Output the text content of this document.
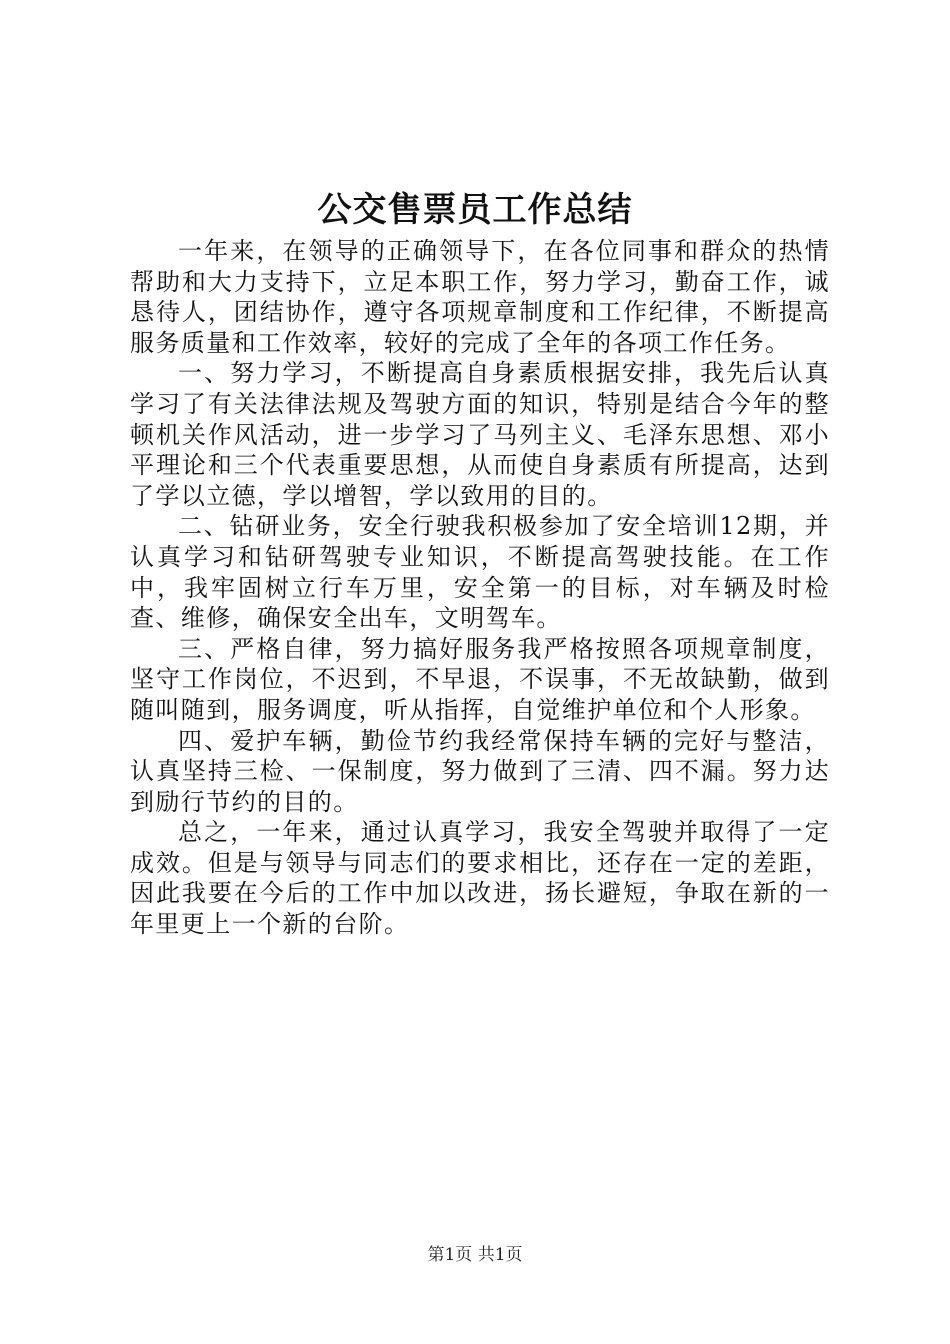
公交售票员工作总结

一年来，在领导的正确领导下，在各位同事和群众的热情帮助和大力支持下，立足本职工作，努力学习，勤奋工作，诚恳待人，团结协作，遵守各项规章制度和工作纪律，不断提高服务质量和工作效率，较好的完成了全年的各项工作任务。

一、努力学习，不断提高自身素质根据安排，我先后认真学习了有关法律法规及驾驶方面的知识，特别是结合今年的整顿机关作风活动，进一步学习了马列主义、毛泽东思想、邓小平理论和三个代表重要思想，从而使自身素质有所提高，达到了学以立德，学以增智，学以致用的目的。

二、钻研业务，安全行驶我积极参加了安全培训12期，并认真学习和钻研驾驶专业知识，不断提高驾驶技能。在工作中，我牢固树立行车万里，安全第一的目标，对车辆及时检查、维修，确保安全出车，文明驾车。

三、严格自律，努力搞好服务我严格按照各项规章制度，坚守工作岗位，不迟到，不早退，不误事，不无故缺勤，做到随叫随到，服务调度，听从指挥，自觉维护单位和个人形象。

四、爱护车辆，勤俭节约我经常保持车辆的完好与整洁，认真坚持三检、一保制度，努力做到了三清、四不漏。努力达到励行节约的目的。

总之，一年来，通过认真学习，我安全驾驶并取得了一定成效。但是与领导与同志们的要求相比，还存在一定的差距，因此我要在今后的工作中加以改进，扬长避短，争取在新的一年里更上一个新的台阶。

第1页 共1页
